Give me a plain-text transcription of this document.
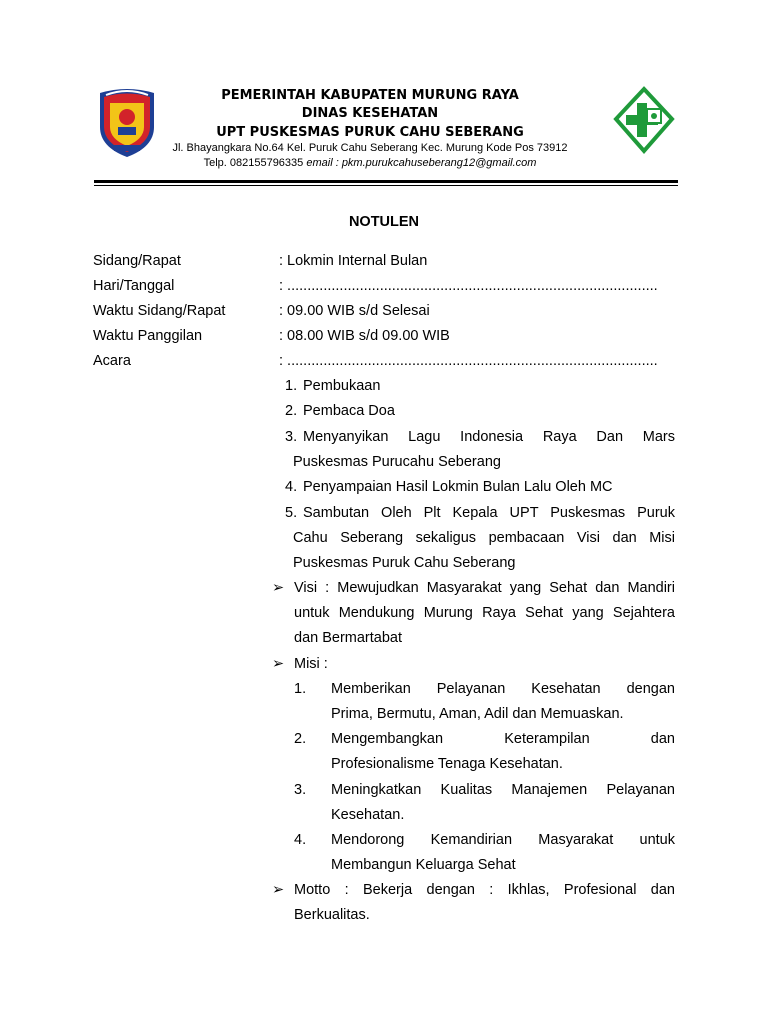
PEMERINTAH KABUPATEN MURUNG RAYA
DINAS KESEHATAN
UPT PUSKESMAS PURUK CAHU SEBERANG
Jl. Bhayangkara No.64 Kel. Puruk Cahu Seberang Kec. Murung Kode Pos 73912
Telp. 082155796335 email : pkm.purukcahuseberang12@gmail.com
NOTULEN
Sidang/Rapat	: Lokmin Internal Bulan
Hari/Tanggal	: ............................................................................................
Waktu Sidang/Rapat	: 09.00 WIB s/d Selesai
Waktu Panggilan	: 08.00 WIB s/d 09.00 WIB
Acara	: ............................................................................................
1. Pembukaan
2. Pembaca Doa
3. Menyanyikan Lagu Indonesia Raya Dan Mars
Puskesmas Purucahu Seberang
4. Penyampaian Hasil Lokmin Bulan Lalu Oleh MC
5. Sambutan Oleh Plt Kepala UPT Puskesmas Puruk
Cahu Seberang sekaligus pembacaan Visi dan Misi
Puskesmas Puruk Cahu Seberang
➢ Visi : Mewujudkan Masyarakat yang Sehat dan Mandiri
untuk Mendukung Murung Raya Sehat yang Sejahtera
dan Bermartabat
➢ Misi :
1. Memberikan Pelayanan Kesehatan dengan
Prima, Bermutu, Aman, Adil dan Memuaskan.
2. Mengembangkan Keterampilan dan
Profesionalisme Tenaga Kesehatan.
3. Meningkatkan Kualitas Manajemen Pelayanan
Kesehatan.
4. Mendorong Kemandirian Masyarakat untuk
Membangun Keluarga Sehat
➢ Motto : Bekerja dengan : Ikhlas, Profesional dan
Berkualitas.
